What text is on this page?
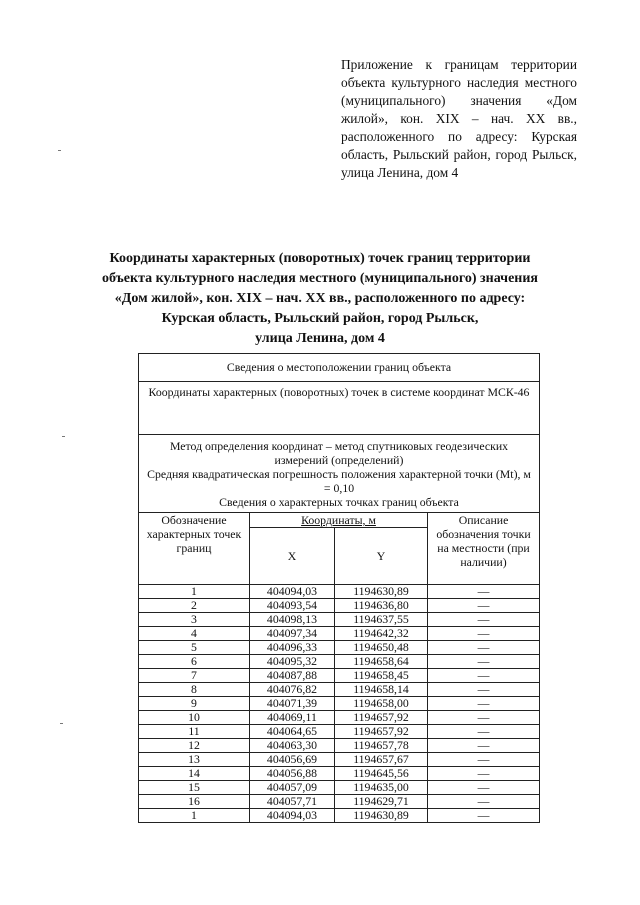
Приложение к границам территории объекта культурного наследия местного (муниципального) значения «Дом жилой», кон. XIX – нач. XX вв., расположенного по адресу: Курская область, Рыльский район, город Рыльск, улица Ленина, дом 4

Координаты характерных (поворотных) точек границ территории
объекта культурного наследия местного (муниципального) значения
«Дом жилой», кон. XIX – нач. XX вв., расположенного по адресу:
Курская область, Рыльский район, город Рыльск,
улица Ленина, дом 4
Сведения о местоположении границ объекта			
Координаты характерных (поворотных) точек в системе координат МСК-46			

Метод определения координат – метод спутниковых геодезических измерений (определений)
Средняя квадратическая погрешность положения характерной точки (Mt), м = 0,10
Сведения о характерных точках границ объекта			

Обозначение характерных точек границ	Координаты, м		Описание обозначения точки на местности (при наличии)
	X	Y	
1	404094,03	1194630,89	—
2	404093,54	1194636,80	—
3	404098,13	1194637,55	—
4	404097,34	1194642,32	—
5	404096,33	1194650,48	—
6	404095,32	1194658,64	—
7	404087,88	1194658,45	—
8	404076,82	1194658,14	—
9	404071,39	1194658,00	—
10	404069,11	1194657,92	—
11	404064,65	1194657,92	—
12	404063,30	1194657,78	—
13	404056,69	1194657,67	—
14	404056,88	1194645,56	—
15	404057,09	1194635,00	—
16	404057,71	1194629,71	—
1	404094,03	1194630,89	—
